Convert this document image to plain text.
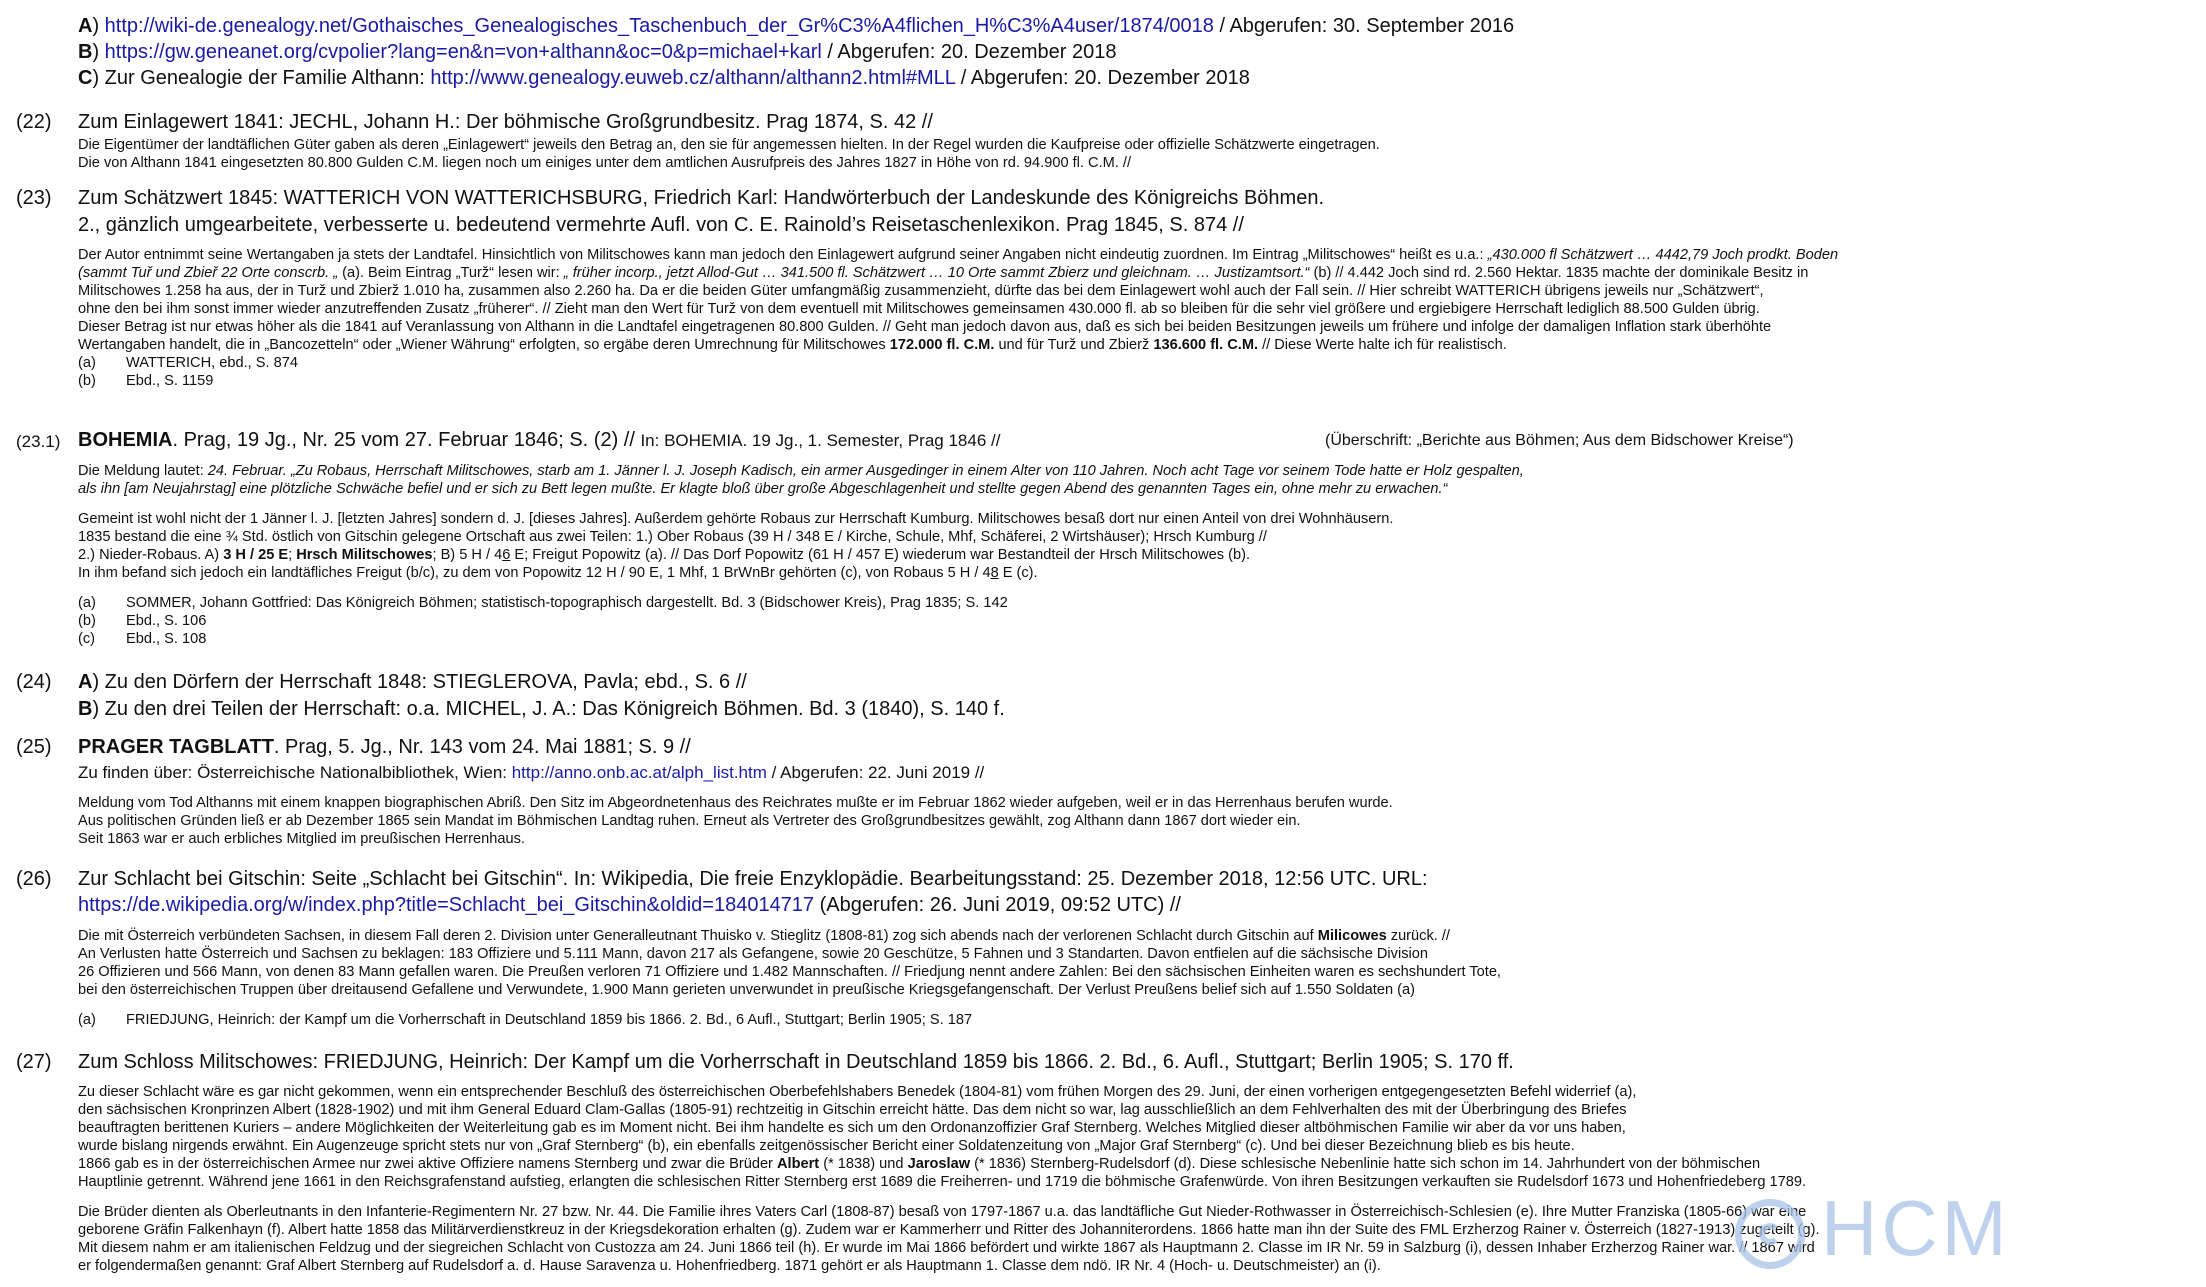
A) http://wiki-de.genealogy.net/Gothaisches_Genealogisches_Taschenbuch_der_Gr%C3%A4flichen_H%C3%A4user/1874/0018 / Abgerufen: 30. September 2016
B) https://gw.geneanet.org/cvpolier?lang=en&n=von+althann&oc=0&p=michael+karl / Abgerufen: 20. Dezember 2018
C) Zur Genealogie der Familie Althann: http://www.genealogy.euweb.cz/althann/althann2.html#MLL / Abgerufen: 20. Dezember 2018
(22) Zum Einlagewert 1841: JECHL, Johann H.: Der böhmische Großgrundbesitz. Prag 1874, S. 42 //
Die Eigentümer der landtäflichen Güter gaben als deren „Einlagewert“ jeweils den Betrag an, den sie für angemessen hielten. In der Regel wurden die Kaufpreise oder offizielle Schätzwerte eingetragen.
Die von Althann 1841 eingesetzten 80.800 Gulden C.M. liegen noch um einiges unter dem amtlichen Ausrufpreis des Jahres 1827 in Höhe von rd. 94.900 fl. C.M. //
(23) Zum Schätzwert 1845: WATTERICH VON WATTERICHSBURG, Friedrich Karl: Handwörterbuch der Landeskunde des Königreichs Böhmen.
2., gänzlich umgearbeitete, verbesserte u. bedeutend vermehrte Aufl. von C. E. Rainold’s Reisetaschenlexikon. Prag 1845, S. 874 //
Der Autor entnimmt seine Wertangaben ja stets der Landtafel. Hinsichtlich von Militschowes kann man jedoch den Einlagewert aufgrund seiner Angaben nicht eindeutig zuordnen. Im Eintrag „Militschowes“ heißt es u.a.: „430.000 fl Schätzwert … 4442,79 Joch prodkt. Boden
(sammt Tuř und Zbieř 22 Orte conscrb. „ (a). Beim Eintrag „Turž“ lesen wir: „ früher incorp., jetzt Allod-Gut … 341.500 fl. Schätzwert … 10 Orte sammt Zbierz und gleichnam. … Justizamtsort.“ (b) // 4.442 Joch sind rd. 2.560 Hektar. 1835 machte der dominikale Besitz in
Militschowes 1.258 ha aus, der in Turž und Zbierž 1.010 ha, zusammen also 2.260 ha. Da er die beiden Güter umfangmäßig zusammenzieht, dürfte das bei dem Einlagewert wohl auch der Fall sein. // Hier schreibt WATTERICH übrigens jeweils nur „Schätzwert“,
ohne den bei ihm sonst immer wieder anzutreffenden Zusatz „früherer“. // Zieht man den Wert für Turž von dem eventuell mit Militschowes gemeinsamen 430.000 fl. ab so bleiben für die sehr viel größere und ergiebigere Herrschaft lediglich 88.500 Gulden übrig.
Dieser Betrag ist nur etwas höher als die 1841 auf Veranlassung von Althann in die Landtafel eingetragenen 80.800 Gulden. // Geht man jedoch davon aus, daß es sich bei beiden Besitzungen jeweils um frühere und infolge der damaligen Inflation stark überhöhte
Wertangaben handelt, die in „Bancozetteln“ oder „Wiener Währung“ erfolgten, so ergäbe deren Umrechnung für Militschowes 172.000 fl. C.M. und für Turž und Zbierž 136.600 fl. C.M. // Diese Werte halte ich für realistisch.
(a) WATTERICH, ebd., S. 874
(b) Ebd., S. 1159
(23.1) BOHEMIA. Prag, 19 Jg., Nr. 25 vom 27. Februar 1846; S. (2) // In: BOHEMIA. 19 Jg., 1. Semester, Prag 1846 //	(Überschrift: „Berichte aus Böhmen; Aus dem Bidschower Kreise“)
Die Meldung lautet: 24. Februar. „Zu Robaus, Herrschaft Militschowes, starb am 1. Jänner l. J. Joseph Kadisch, ein armer Ausgedinger in einem Alter von 110 Jahren. Noch acht Tage vor seinem Tode hatte er Holz gespalten,
als ihn [am Neujahrstag] eine plötzliche Schwäche befiel und er sich zu Bett legen mußte. Er klagte bloß über große Abgeschlagenheit und stellte gegen Abend des genannten Tages ein, ohne mehr zu erwachen.“
Gemeint ist wohl nicht der 1 Jänner l. J. [letzten Jahres] sondern d. J. [dieses Jahres]. Außerdem gehörte Robaus zur Herrschaft Kumburg. Militschowes besaß dort nur einen Anteil von drei Wohnhäusern.
1835 bestand die eine ¾ Std. östlich von Gitschin gelegene Ortschaft aus zwei Teilen: 1.) Ober Robaus (39 H / 348 E / Kirche, Schule, Mhf, Schäferei, 2 Wirtshäuser); Hrsch Kumburg //
2.) Nieder-Robaus. A) 3 H / 25 E; Hrsch Militschowes; B) 5 H / 46 E; Freigut Popowitz (a). // Das Dorf Popowitz (61 H / 457 E) wiederum war Bestandteil der Hrsch Militschowes (b).
In ihm befand sich jedoch ein landtäfliches Freigut (b/c), zu dem von Popowitz 12 H / 90 E, 1 Mhf, 1 BrWnBr gehörten (c), von Robaus 5 H / 48 E (c).
(a) SOMMER, Johann Gottfried: Das Königreich Böhmen; statistisch-topographisch dargestellt. Bd. 3 (Bidschower Kreis), Prag 1835; S. 142
(b) Ebd., S. 106
(c) Ebd., S. 108
(24) A) Zu den Dörfern der Herrschaft 1848: STIEGLEROVA, Pavla; ebd., S. 6 //
B) Zu den drei Teilen der Herrschaft: o.a. MICHEL, J. A.: Das Königreich Böhmen. Bd. 3 (1840), S. 140 f.
(25) PRAGER TAGBLATT. Prag, 5. Jg., Nr. 143 vom 24. Mai 1881; S. 9 //
Zu finden über: Österreichische Nationalbibliothek, Wien: http://anno.onb.ac.at/alph_list.htm / Abgerufen: 22. Juni 2019 //
Meldung vom Tod Althanns mit einem knappen biographischen Abriß. Den Sitz im Abgeordnetenhaus des Reichrates mußte er im Februar 1862 wieder aufgeben, weil er in das Herrenhaus berufen wurde.
Aus politischen Gründen ließ er ab Dezember 1865 sein Mandat im Böhmischen Landtag ruhen. Erneut als Vertreter des Großgrundbesitzes gewählt, zog Althann dann 1867 dort wieder ein.
Seit 1863 war er auch erbliches Mitglied im preußischen Herrenhaus.
(26) Zur Schlacht bei Gitschin: Seite „Schlacht bei Gitschin“. In: Wikipedia, Die freie Enzyklopädie. Bearbeitungsstand: 25. Dezember 2018, 12:56 UTC. URL:
https://de.wikipedia.org/w/index.php?title=Schlacht_bei_Gitschin&oldid=184014717 (Abgerufen: 26. Juni 2019, 09:52 UTC) //
Die mit Österreich verbündeten Sachsen, in diesem Fall deren 2. Division unter Generalleutnant Thuisko v. Stieglitz (1808-81) zog sich abends nach der verlorenen Schlacht durch Gitschin auf Milicowes zurück. //
An Verlusten hatte Österreich und Sachsen zu beklagen: 183 Offiziere und 5.111 Mann, davon 217 als Gefangene, sowie 20 Geschütze, 5 Fahnen und 3 Standarten. Davon entfielen auf die sächsische Division
26 Offizieren und 566 Mann, von denen 83 Mann gefallen waren. Die Preußen verloren 71 Offiziere und 1.482 Mannschaften. // Friedjung nennt andere Zahlen: Bei den sächsischen Einheiten waren es sechshundert Tote,
bei den österreichischen Truppen über dreitausend Gefallene und Verwundete, 1.900 Mann gerieten unverwundet in preußische Kriegsgefangenschaft. Der Verlust Preußens belief sich auf 1.550 Soldaten (a)
(a) FRIEDJUNG, Heinrich: der Kampf um die Vorherrschaft in Deutschland 1859 bis 1866. 2. Bd., 6 Aufl., Stuttgart; Berlin 1905; S. 187
(27) Zum Schloss Militschowes: FRIEDJUNG, Heinrich: Der Kampf um die Vorherrschaft in Deutschland 1859 bis 1866. 2. Bd., 6. Aufl., Stuttgart; Berlin 1905; S. 170 ff.
Zu dieser Schlacht wäre es gar nicht gekommen, wenn ein entsprechender Beschluß des österreichischen Oberbefehlshabers Benedek (1804-81) vom frühen Morgen des 29. Juni, der einen vorherigen entgegengesetzten Befehl widerrief (a),
den sächsischen Kronprinzen Albert (1828-1902) und mit ihm General Eduard Clam-Gallas (1805-91) rechtzeitig in Gitschin erreicht hätte. Das dem nicht so war, lag ausschließlich an dem Fehlverhalten des mit der Überbringung des Briefes
beauftragten berittenen Kuriers – andere Möglichkeiten der Weiterleitung gab es im Moment nicht. Bei ihm handelte es sich um den Ordonanzoffizier Graf Sternberg. Welches Mitglied dieser altböhmischen Familie wir aber da vor uns haben,
wurde bislang nirgends erwähnt. Ein Augenzeuge spricht stets nur von „Graf Sternberg“ (b), ein ebenfalls zeitgenössischer Bericht einer Soldatenzeitung von „Major Graf Sternberg“ (c). Und bei dieser Bezeichnung blieb es bis heute.
1866 gab es in der österreichischen Armee nur zwei aktive Offiziere namens Sternberg und zwar die Brüder Albert (* 1838) und Jaroslaw (* 1836) Sternberg-Rudelsdorf (d). Diese schlesische Nebenlinie hatte sich schon im 14. Jahrhundert von der böhmischen
Hauptlinie getrennt. Während jene 1661 in den Reichsgrafenstand aufstieg, erlangten die schlesischen Ritter Sternberg erst 1689 die Freiherren- und 1719 die böhmische Grafenwürde. Von ihren Besitzungen verkauften sie Rudelsdorf 1673 und Hohenfriedeberg 1789.
Die Brüder dienten als Oberleutnants in den Infanterie-Regimentern Nr. 27 bzw. Nr. 44. Die Familie ihres Vaters Carl (1808-87) besaß von 1797-1867 u.a. das landtäfliche Gut Nieder-Rothwasser in Österreichisch-Schlesien (e). Ihre Mutter Franziska (1805-66) war eine
geborene Gräfin Falkenhayn (f). Albert hatte 1858 das Militärverdienstkreuz in der Kriegsdekoration erhalten (g). Zudem war er Kammerherr und Ritter des Johanniterordens. 1866 hatte man ihn der Suite des FML Erzherzog Rainer v. Österreich (1827-1913) zugeteilt (g).
Mit diesem nahm er am italienischen Feldzug und der siegreichen Schlacht von Custozza am 24. Juni 1866 teil (h). Er wurde im Mai 1866 befördert und wirkte 1867 als Hauptmann 2. Classe im IR Nr. 59 in Salzburg (i), dessen Inhaber Erzherzog Rainer war. // 1867 wird
er folgendermaßen genannt: Graf Albert Sternberg auf Rudelsdorf a. d. Hause Saravenza u. Hohenfriedberg. 1871 gehört er als Hauptmann 1. Classe dem ndö. IR Nr. 4 (Hoch- u. Deutschmeister) an (i).	HCM
